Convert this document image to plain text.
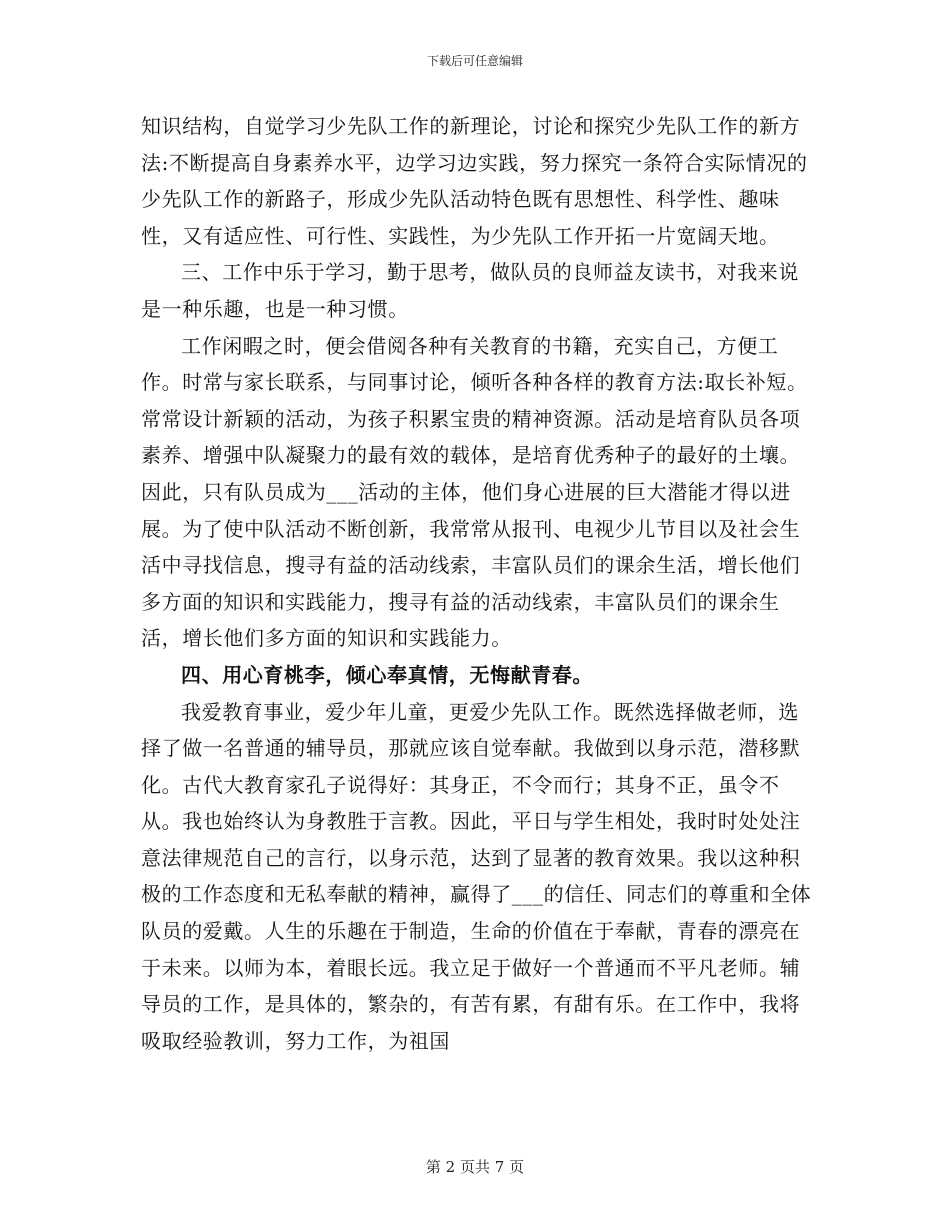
下载后可任意编辑

知识结构，自觉学习少先队工作的新理论，讨论和探究少先队工作的新方法:不断提高自身素养水平，边学习边实践，努力探究一条符合实际情况的少先队工作的新路子，形成少先队活动特色既有思想性、科学性、趣味性，又有适应性、可行性、实践性，为少先队工作开拓一片宽阔天地。

三、工作中乐于学习，勤于思考，做队员的良师益友读书，对我来说是一种乐趣，也是一种习惯。

工作闲暇之时，便会借阅各种有关教育的书籍，充实自己，方便工作。时常与家长联系，与同事讨论，倾听各种各样的教育方法:取长补短。常常设计新颖的活动，为孩子积累宝贵的精神资源。活动是培育队员各项素养、增强中队凝聚力的最有效的载体，是培育优秀种子的最好的土壤。因此，只有队员成为___活动的主体，他们身心进展的巨大潜能才得以进展。为了使中队活动不断创新，我常常从报刊、电视少儿节目以及社会生活中寻找信息，搜寻有益的活动线索，丰富队员们的课余生活，增长他们多方面的知识和实践能力，搜寻有益的活动线索，丰富队员们的课余生活，增长他们多方面的知识和实践能力。

四、用心育桃李，倾心奉真情，无悔献青春。

我爱教育事业，爱少年儿童，更爱少先队工作。既然选择做老师，选择了做一名普通的辅导员，那就应该自觉奉献。我做到以身示范，潜移默化。古代大教育家孔子说得好：其身正，不令而行；其身不正，虽令不从。我也始终认为身教胜于言教。因此，平日与学生相处，我时时处处注意法律规范自己的言行，以身示范，达到了显著的教育效果。我以这种积极的工作态度和无私奉献的精神，赢得了___的信任、同志们的尊重和全体队员的爱戴。人生的乐趣在于制造，生命的价值在于奉献，青春的漂亮在于未来。以师为本，着眼长远。我立足于做好一个普通而不平凡老师。辅导员的工作，是具体的，繁杂的，有苦有累，有甜有乐。在工作中，我将吸取经验教训，努力工作，为祖国

第 2 页共 7 页
